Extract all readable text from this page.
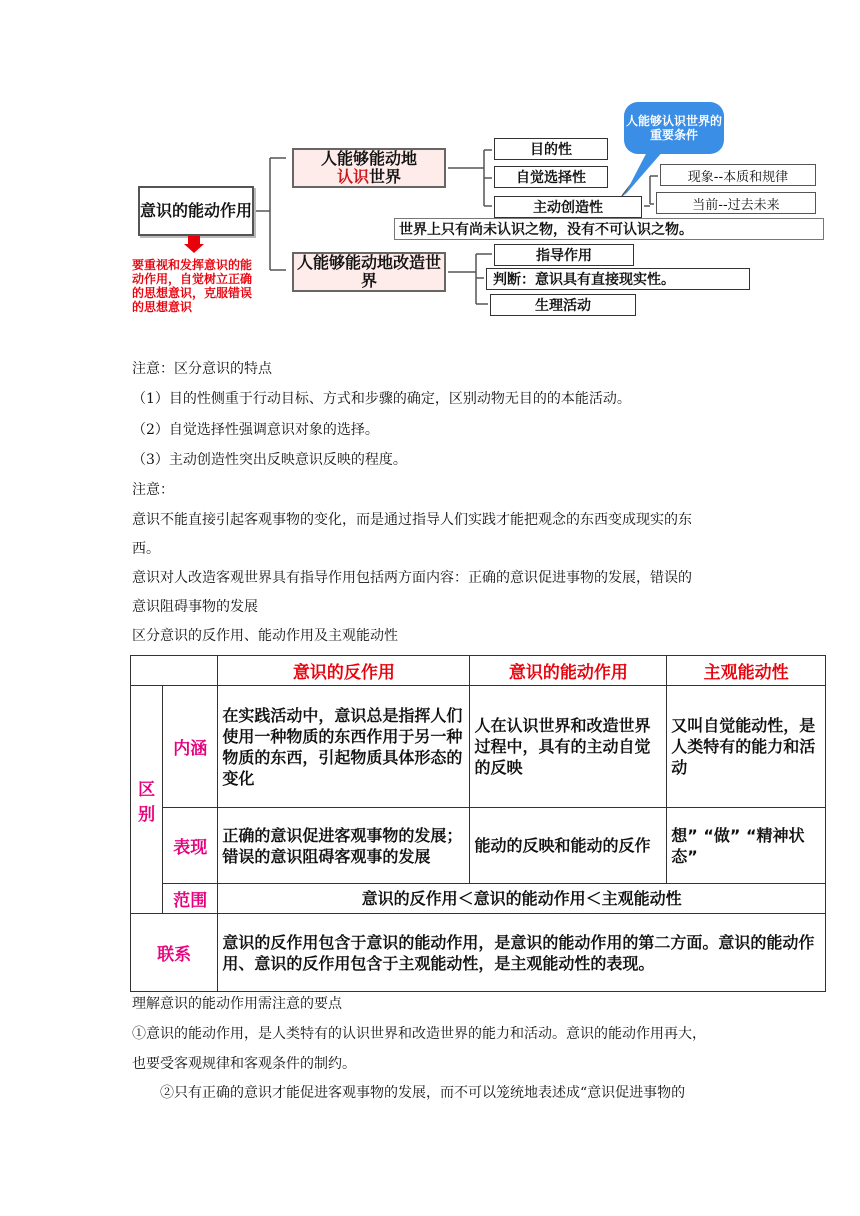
意识的能动作用
人能够能动地
认识世界
人能够能动地改造世界
目的性
自觉选择性
主动创造性
指导作用
判断：意识具有直接现实性。
生理活动
现象--本质和规律
当前--过去未来
世界上只有尚未认识之物，没有不可认识之物。
人能够认识世界的重要条件
要重视和发挥意识的能动作用，自觉树立正确的思想意识，克服错误的思想意识
注意：区分意识的特点
（1）目的性侧重于行动目标、方式和步骤的确定，区别动物无目的的本能活动。
（2）自觉选择性强调意识对象的选择。
（3）主动创造性突出反映意识反映的程度。
注意：
意识不能直接引起客观事物的变化，而是通过指导人们实践才能把观念的东西变成现实的东
西。
意识对人改造客观世界具有指导作用包括两方面内容：正确的意识促进事物的发展，错误的
意识阻碍事物的发展
区分意识的反作用、能动作用及主观能动性
		意识的反作用	意识的能动作用	主观能动性
区别	内涵	在实践活动中，意识总是指挥人们使用一种物质的东西作用于另一种物质的东西，引起物质具体形态的变化	人在认识世界和改造世界过程中，具有的主动自觉的反映	又叫自觉能动性，是人类特有的能力和活动
	表现	正确的意识促进客观事物的发展；错误的意识阻碍客观事的发展	能动的反映和能动的反作	想” “做” “精神状态”
	范围	意识的反作用＜意识的能动作用＜主观能动性		
联系		意识的反作用包含于意识的能动作用，是意识的能动作用的第二方面。意识的能动作用、意识的反作用包含于主观能动性，是主观能动性的表现。		
理解意识的能动作用需注意的要点
①意识的能动作用，是人类特有的认识世界和改造世界的能力和活动。意识的能动作用再大，
也要受客观规律和客观条件的制约。
②只有正确的意识才能促进客观事物的发展，而不可以笼统地表述成“意识促进事物的
